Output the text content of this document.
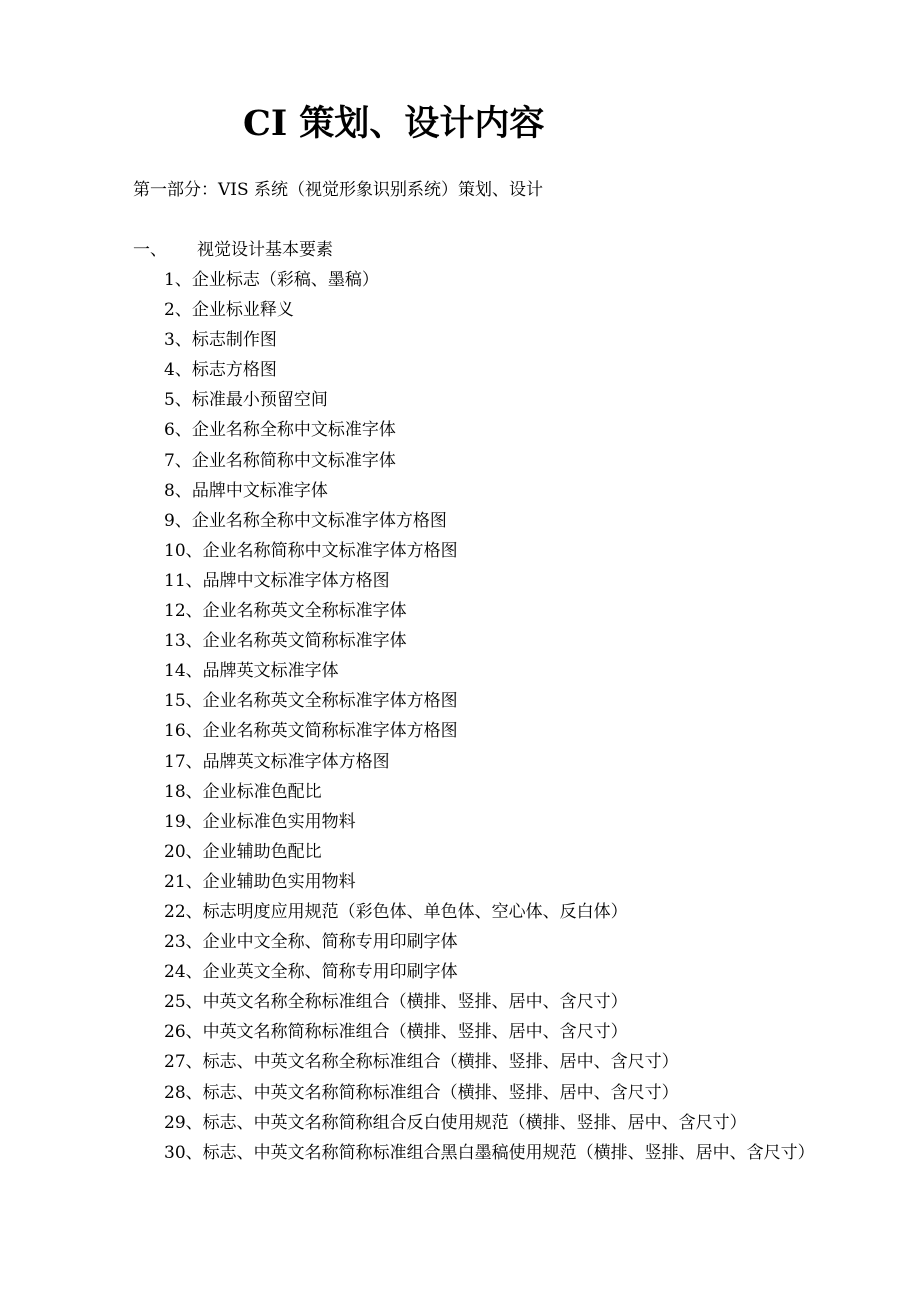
CI 策划、设计内容

第一部分：VIS 系统（视觉形象识别系统）策划、设计

一、	视觉设计基本要素
1、企业标志（彩稿、墨稿）
2、企业标业释义
3、标志制作图
4、标志方格图
5、标准最小预留空间
6、企业名称全称中文标准字体
7、企业名称简称中文标准字体
8、品牌中文标准字体
9、企业名称全称中文标准字体方格图
10、企业名称简称中文标准字体方格图
11、品牌中文标准字体方格图
12、企业名称英文全称标准字体
13、企业名称英文简称标准字体
14、品牌英文标准字体
15、企业名称英文全称标准字体方格图
16、企业名称英文简称标准字体方格图
17、品牌英文标准字体方格图
18、企业标准色配比
19、企业标准色实用物料
20、企业辅助色配比
21、企业辅助色实用物料
22、标志明度应用规范（彩色体、单色体、空心体、反白体）
23、企业中文全称、简称专用印刷字体
24、企业英文全称、简称专用印刷字体
25、中英文名称全称标准组合（横排、竖排、居中、含尺寸）
26、中英文名称简称标准组合（横排、竖排、居中、含尺寸）
27、标志、中英文名称全称标准组合（横排、竖排、居中、含尺寸）
28、标志、中英文名称简称标准组合（横排、竖排、居中、含尺寸）
29、标志、中英文名称简称组合反白使用规范（横排、竖排、居中、含尺寸）
30、标志、中英文名称简称标准组合黑白墨稿使用规范（横排、竖排、居中、含尺寸）
